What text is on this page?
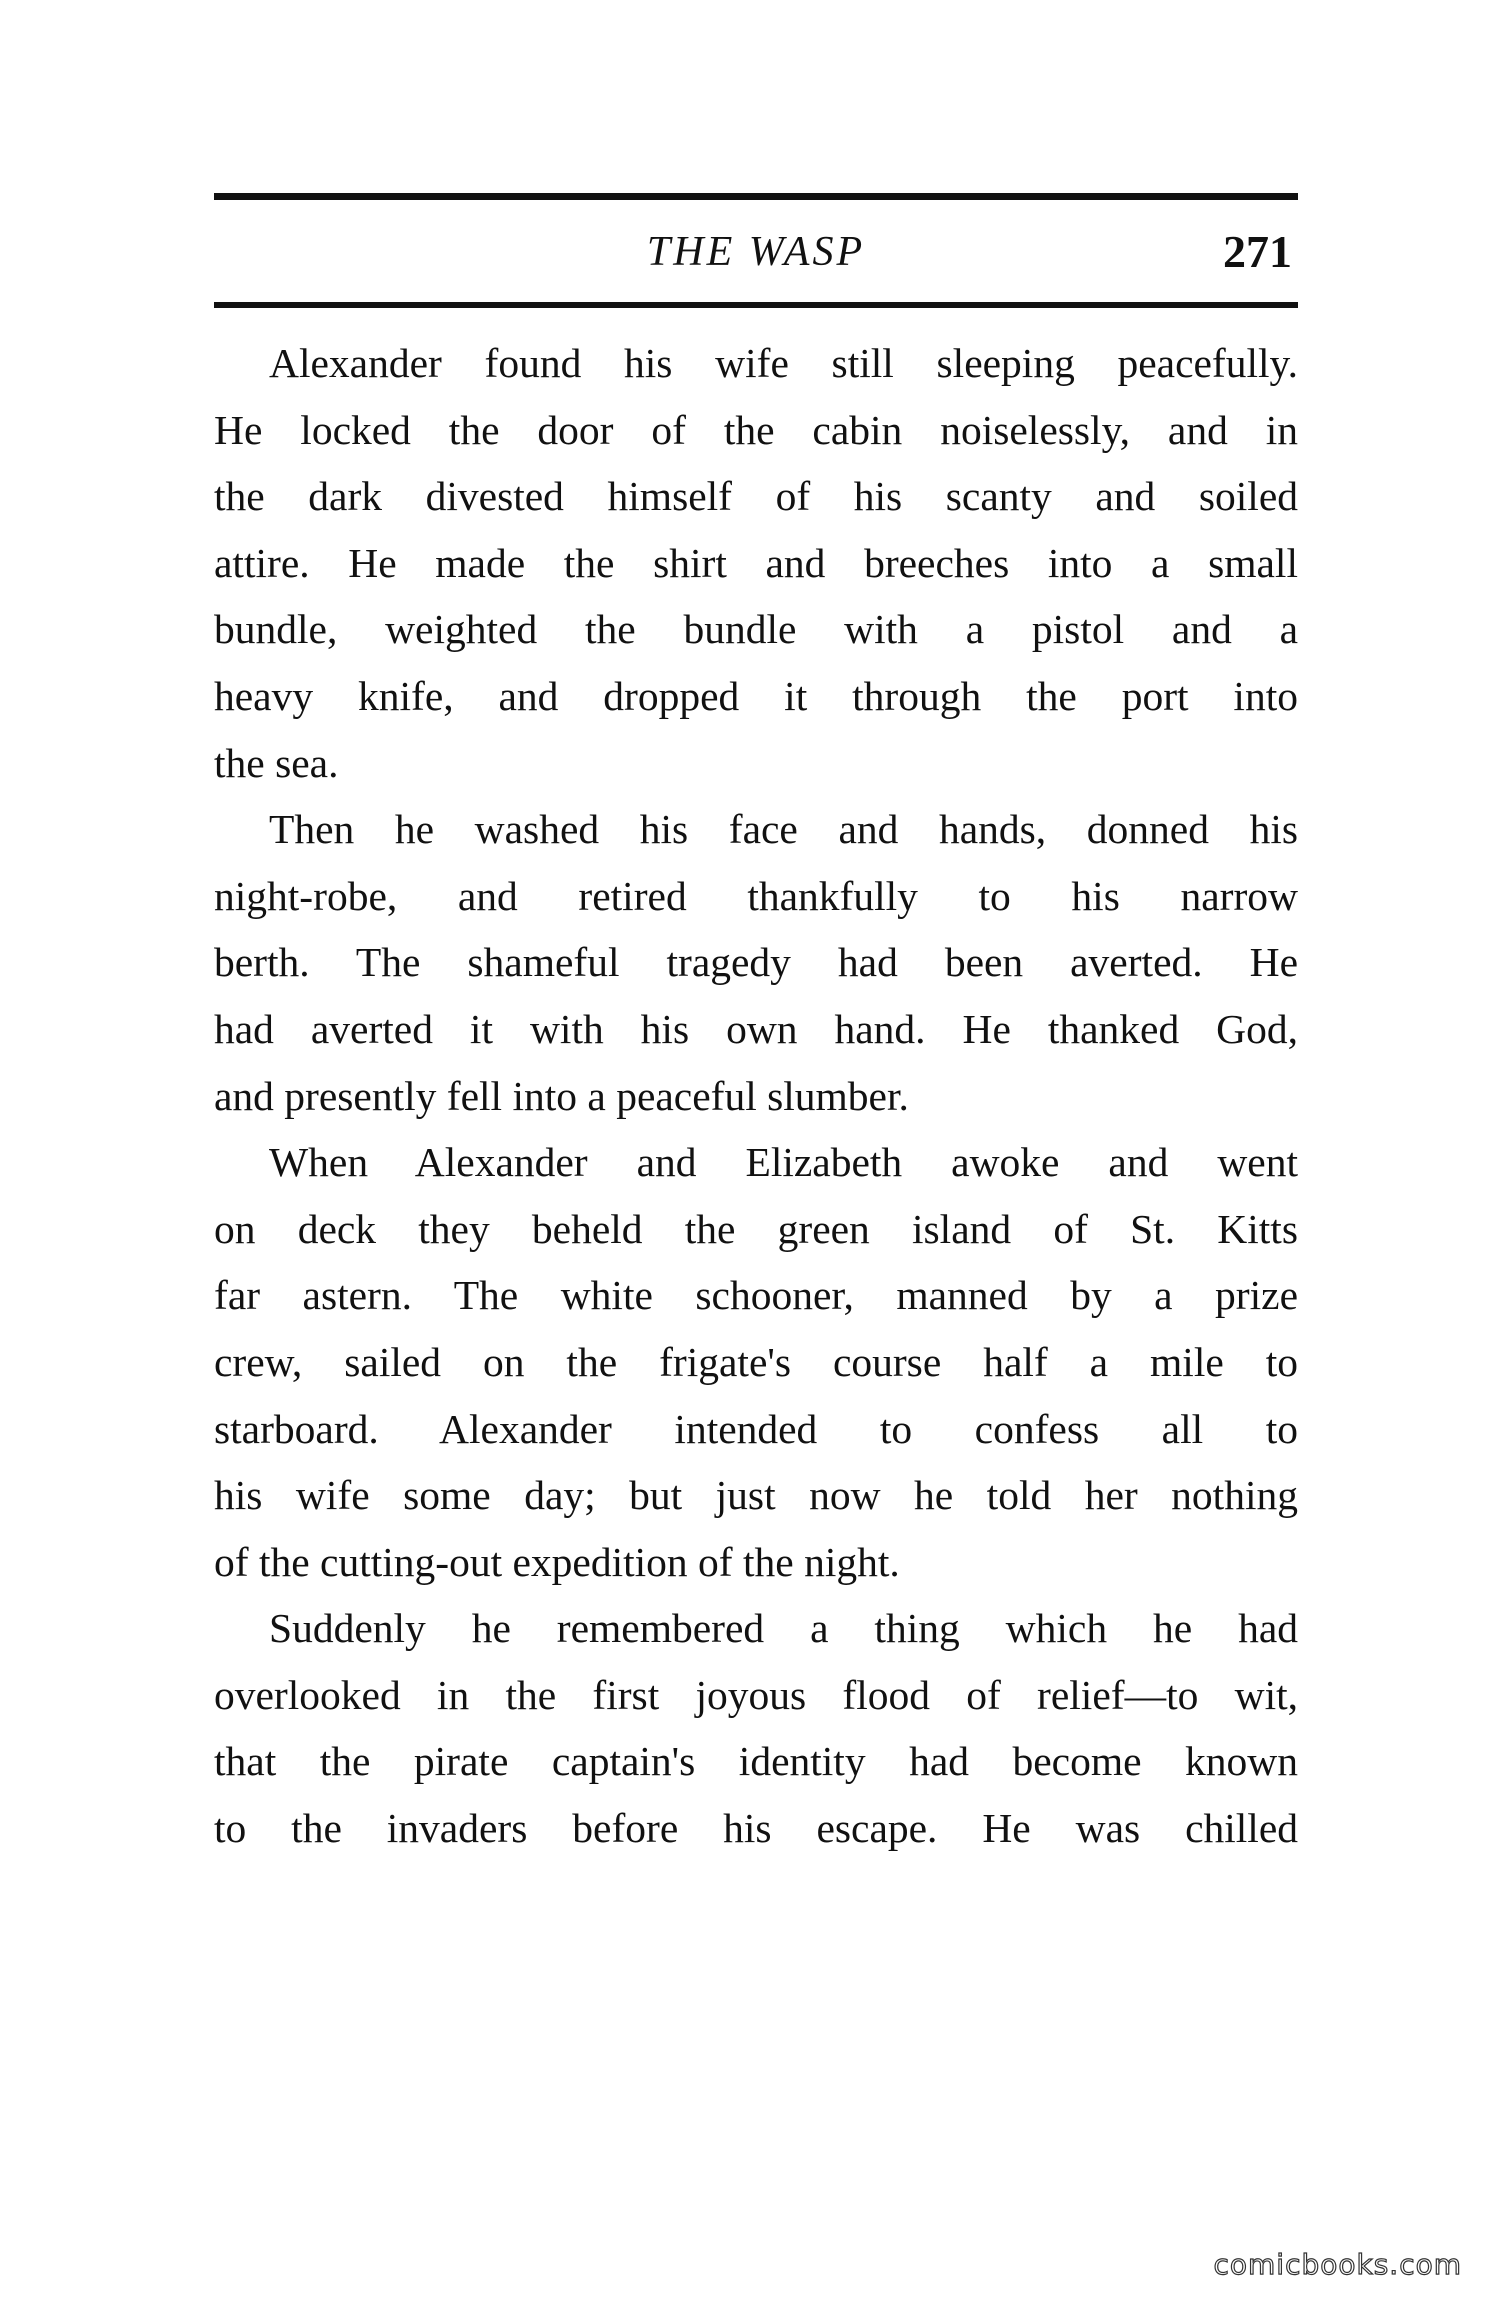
THE WASP	271

Alexander found his wife still sleeping peacefully.
He locked the door of the cabin noiselessly, and in
the dark divested himself of his scanty and soiled
attire. He made the shirt and breeches into a small
bundle, weighted the bundle with a pistol and a
heavy knife, and dropped it through the port into
the sea.

Then he washed his face and hands, donned his
night-robe, and retired thankfully to his narrow
berth. The shameful tragedy had been averted. He
had averted it with his own hand. He thanked God,
and presently fell into a peaceful slumber.

When Alexander and Elizabeth awoke and went
on deck they beheld the green island of St. Kitts
far astern. The white schooner, manned by a prize
crew, sailed on the frigate's course half a mile to
starboard. Alexander intended to confess all to
his wife some day; but just now he told her nothing
of the cutting-out expedition of the night.

Suddenly he remembered a thing which he had
overlooked in the first joyous flood of relief—to wit,
that the pirate captain's identity had become known
to the invaders before his escape. He was chilled

comicbooks.com
